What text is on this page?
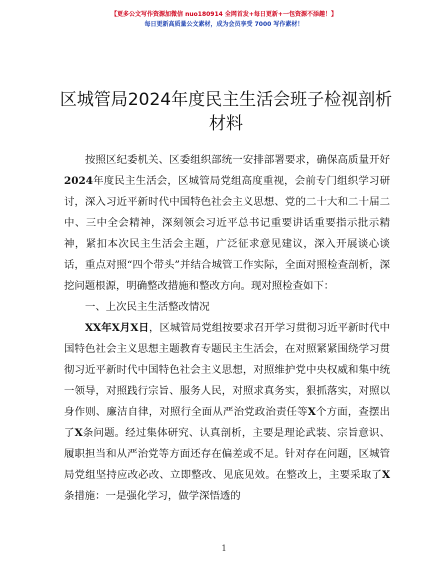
【更多公文写作资源加微信 nuo180914 全网首发+每日更新+一包资源不添趣！】
每日更新高质量公文素材，成为会员享受 7000 写作素材！
区城管局2024年度民主生活会班子检视剖析材料

按照区纪委机关、区委组织部统一安排部署要求，确保高质量开好2024年度民主生活会，区城管局党组高度重视，会前专门组织学习研讨，深入习近平新时代中国特色社会主义思想、党的二十大和二十届二中、三中全会精神，深刻领会习近平总书记重要讲话重要指示批示精神，紧扣本次民主生活会主题，广泛征求意见建议，深入开展谈心谈话，重点对照“四个带头”并结合城管工作实际，全面对照检查剖析，深挖问题根源，明确整改措施和整改方向。现对照检查如下：

一、上次民主生活整改情况

XX年X月X日，区城管局党组按要求召开学习贯彻习近平新时代中国特色社会主义思想主题教育专题民主生活会，在对照紧紧围绕学习贯彻习近平新时代中国特色社会主义思想，对照维护党中央权威和集中统一领导，对照践行宗旨、服务人民，对照求真务实，狠抓落实，对照以身作则、廉洁自律，对照行全面从严治党政治责任等X个方面，查摆出了X条问题。经过集体研究、认真剖析，主要是理论武装、宗旨意识、履职担当和从严治党等方面还存在偏差或不足。针对存在问题，区城管局党组坚持应改必改、立即整改、见底见效。在整改上，主要采取了X条措施：一是强化学习，做学深悟透的

1
